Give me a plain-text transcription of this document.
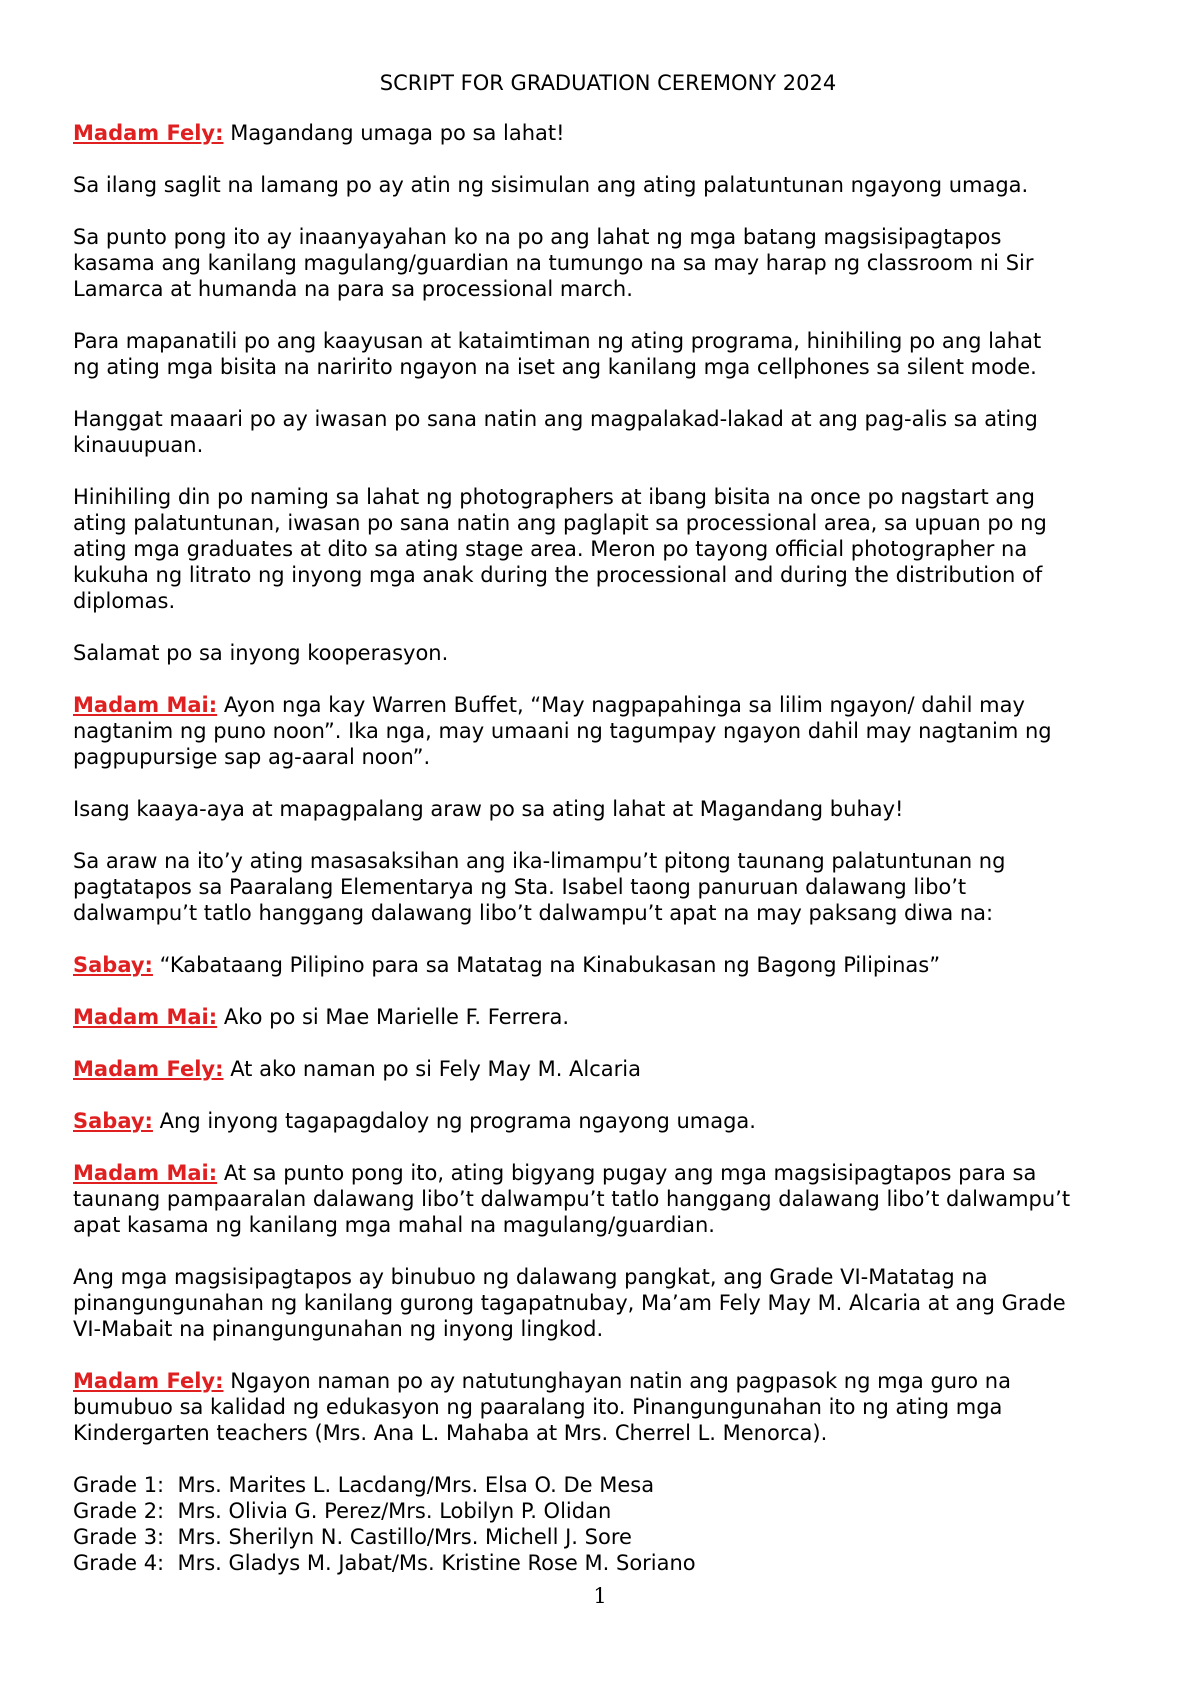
SCRIPT FOR GRADUATION CEREMONY 2024
Madam Fely: Magandang umaga po sa lahat!
Sa ilang saglit na lamang po ay atin ng sisimulan ang ating palatuntunan ngayong umaga.
Sa punto pong ito ay inaanyayahan ko na po ang lahat ng mga batang magsisipagtapos
kasama ang kanilang magulang/guardian na tumungo na sa may harap ng classroom ni Sir
Lamarca at humanda na para sa processional march.
Para mapanatili po ang kaayusan at kataimtiman ng ating programa, hinihiling po ang lahat
ng ating mga bisita na naririto ngayon na iset ang kanilang mga cellphones sa silent mode.
Hanggat maaari po ay iwasan po sana natin ang magpalakad-lakad at ang pag-alis sa ating
kinauupuan.
Hinihiling din po naming sa lahat ng photographers at ibang bisita na once po nagstart ang
ating palatuntunan, iwasan po sana natin ang paglapit sa processional area, sa upuan po ng
ating mga graduates at dito sa ating stage area. Meron po tayong official photographer na
kukuha ng litrato ng inyong mga anak during the processional and during the distribution of
diplomas.
Salamat po sa inyong kooperasyon.
Madam Mai: Ayon nga kay Warren Buffet, “May nagpapahinga sa lilim ngayon/ dahil may
nagtanim ng puno noon”. Ika nga, may umaani ng tagumpay ngayon dahil may nagtanim ng
pagpupursige sap ag-aaral noon”.
Isang kaaya-aya at mapagpalang araw po sa ating lahat at Magandang buhay!
Sa araw na ito’y ating masasaksihan ang ika-limampu’t pitong taunang palatuntunan ng
pagtatapos sa Paaralang Elementarya ng Sta. Isabel taong panuruan dalawang libo’t
dalwampu’t tatlo hanggang dalawang libo’t dalwampu’t apat na may paksang diwa na:
Sabay: “Kabataang Pilipino para sa Matatag na Kinabukasan ng Bagong Pilipinas”
Madam Mai: Ako po si Mae Marielle F. Ferrera.
Madam Fely: At ako naman po si Fely May M. Alcaria
Sabay: Ang inyong tagapagdaloy ng programa ngayong umaga.
Madam Mai: At sa punto pong ito, ating bigyang pugay ang mga magsisipagtapos para sa
taunang pampaaralan dalawang libo’t dalwampu’t tatlo hanggang dalawang libo’t dalwampu’t
apat kasama ng kanilang mga mahal na magulang/guardian.
Ang mga magsisipagtapos ay binubuo ng dalawang pangkat, ang Grade VI-Matatag na
pinangungunahan ng kanilang gurong tagapatnubay, Ma’am Fely May M. Alcaria at ang Grade
VI-Mabait na pinangungunahan ng inyong lingkod.
Madam Fely: Ngayon naman po ay natutunghayan natin ang pagpasok ng mga guro na
bumubuo sa kalidad ng edukasyon ng paaralang ito. Pinangungunahan ito ng ating mga
Kindergarten teachers (Mrs. Ana L. Mahaba at Mrs. Cherrel L. Menorca).
Grade 1:  Mrs. Marites L. Lacdang/Mrs. Elsa O. De Mesa
Grade 2:  Mrs. Olivia G. Perez/Mrs. Lobilyn P. Olidan
Grade 3:  Mrs. Sherilyn N. Castillo/Mrs. Michell J. Sore
Grade 4:  Mrs. Gladys M. Jabat/Ms. Kristine Rose M. Soriano
1
